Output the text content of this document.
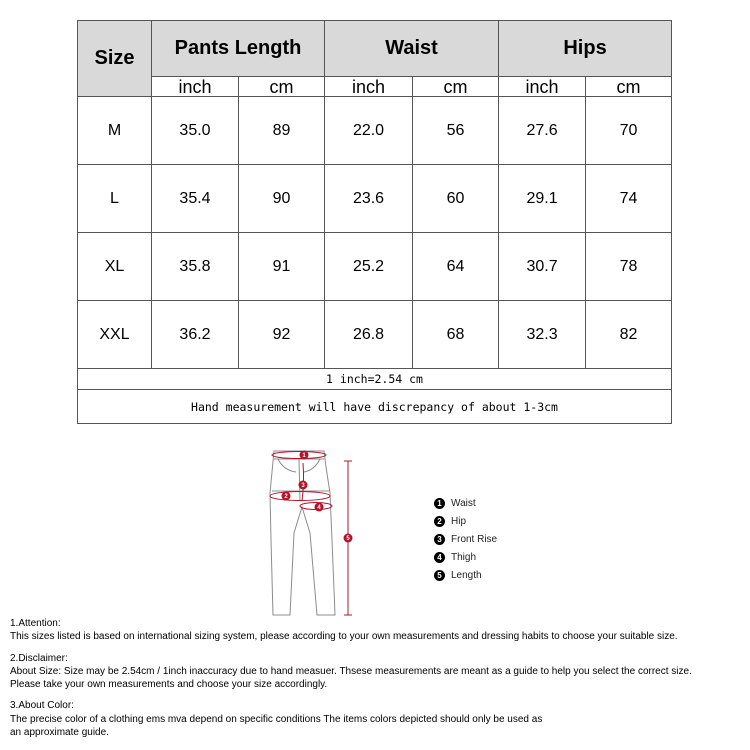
Size	Pants Length		Waist		Hips	
	inch	cm	inch	cm	inch	cm
M	35.0	89	22.0	56	27.6	70
L	35.4	90	23.6	60	29.1	74
XL	35.8	91	25.2	64	30.7	78
XXL	36.2	92	26.8	68	32.3	82
1 inch=2.54 cm						
Hand measurement will have discrepancy of about 1-3cm						
1
2
3
4
5
1 Waist
2 Hip
3 Front Rise
4 Thigh
5 Length

1.Attention:

This sizes listed is based on international sizing system, please according to your own measurements and dressing habits to choose your suitable size.

2.Disclaimer:

About Size: Size may be 2.54cm / 1inch inaccuracy due to hand measuer. Thsese measurements are meant as a guide to help you select the correct size.

Please take your own measurements and choose your size accordingly.

3.About Color:

The precise color of a clothing ems mva depend on specific conditions The items colors depicted should only be used as

an approximate guide.
